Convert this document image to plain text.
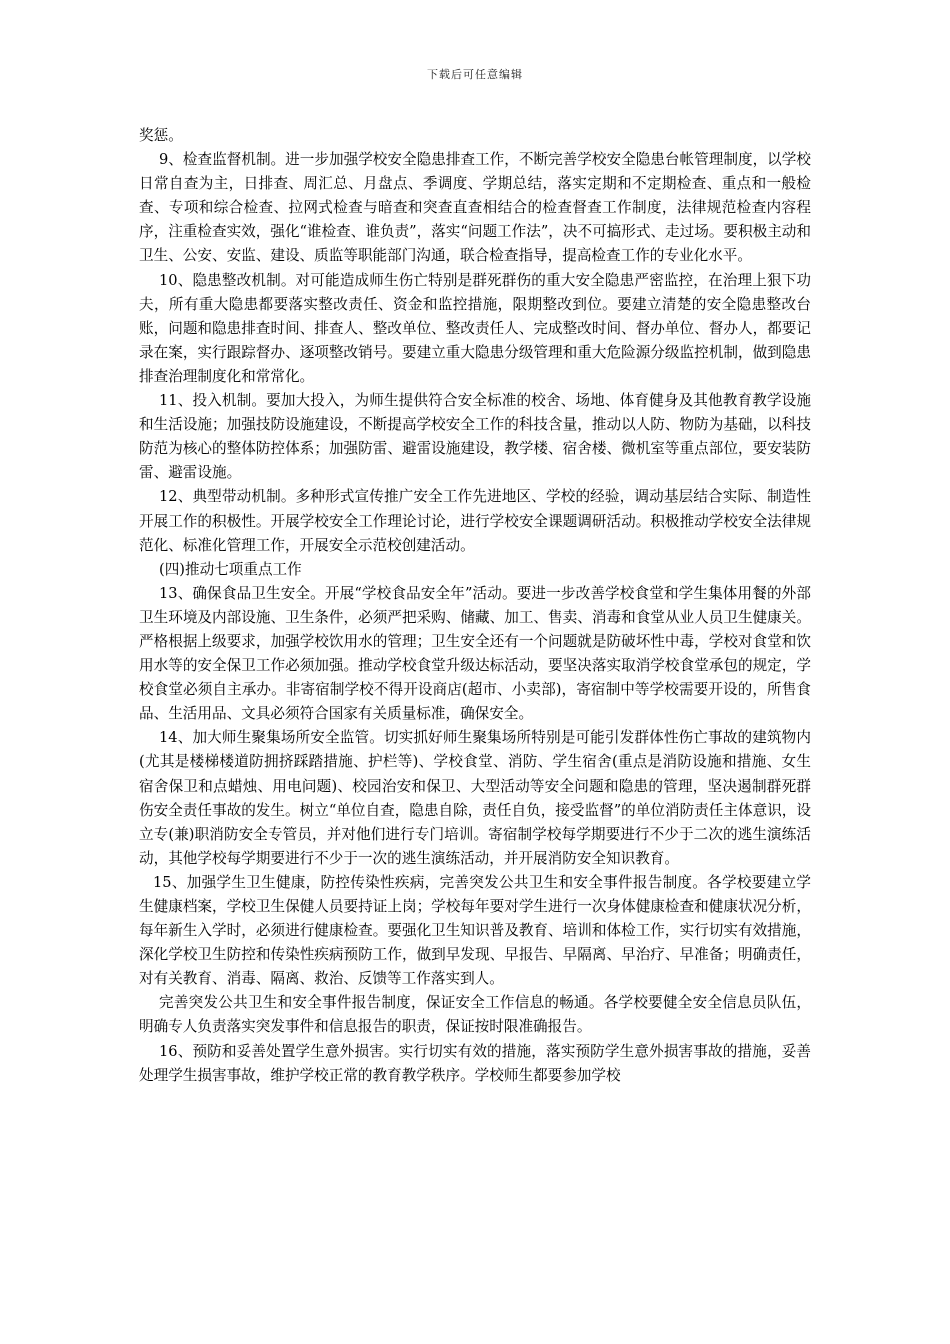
下载后可任意编辑

奖惩。

9、检查监督机制。进一步加强学校安全隐患排查工作，不断完善学校安全隐患台帐管理制度，以学校日常自查为主，日排查、周汇总、月盘点、季调度、学期总结，落实定期和不定期检查、重点和一般检查、专项和综合检查、拉网式检查与暗查和突查直查相结合的检查督查工作制度，法律规范检查内容程序，注重检查实效，强化“谁检查、谁负责”，落实“问题工作法”，决不可搞形式、走过场。要积极主动和卫生、公安、安监、建设、质监等职能部门沟通，联合检查指导，提高检查工作的专业化水平。

10、隐患整改机制。对可能造成师生伤亡特别是群死群伤的重大安全隐患严密监控，在治理上狠下功夫，所有重大隐患都要落实整改责任、资金和监控措施，限期整改到位。要建立清楚的安全隐患整改台账，问题和隐患排查时间、排查人、整改单位、整改责任人、完成整改时间、督办单位、督办人，都要记录在案，实行跟踪督办、逐项整改销号。要建立重大隐患分级管理和重大危险源分级监控机制，做到隐患排查治理制度化和常常化。

11、投入机制。要加大投入，为师生提供符合安全标准的校舍、场地、体育健身及其他教育教学设施和生活设施；加强技防设施建设，不断提高学校安全工作的科技含量，推动以人防、物防为基础，以科技防范为核心的整体防控体系；加强防雷、避雷设施建设，教学楼、宿舍楼、微机室等重点部位，要安装防雷、避雷设施。

12、典型带动机制。多种形式宣传推广安全工作先进地区、学校的经验，调动基层结合实际、制造性开展工作的积极性。开展学校安全工作理论讨论，进行学校安全课题调研活动。积极推动学校安全法律规范化、标准化管理工作，开展安全示范校创建活动。

(四)推动七项重点工作

13、确保食品卫生安全。开展“学校食品安全年”活动。要进一步改善学校食堂和学生集体用餐的外部卫生环境及内部设施、卫生条件，必须严把采购、储藏、加工、售卖、消毒和食堂从业人员卫生健康关。严格根据上级要求，加强学校饮用水的管理；卫生安全还有一个问题就是防破坏性中毒，学校对食堂和饮用水等的安全保卫工作必须加强。推动学校食堂升级达标活动，要坚决落实取消学校食堂承包的规定，学校食堂必须自主承办。非寄宿制学校不得开设商店(超市、小卖部)，寄宿制中等学校需要开设的，所售食品、生活用品、文具必须符合国家有关质量标准，确保安全。

14、加大师生聚集场所安全监管。切实抓好师生聚集场所特别是可能引发群体性伤亡事故的建筑物内(尤其是楼梯楼道防拥挤踩踏措施、护栏等)、学校食堂、消防、学生宿舍(重点是消防设施和措施、女生宿舍保卫和点蜡烛、用电问题)、校园治安和保卫、大型活动等安全问题和隐患的管理，坚决遏制群死群伤安全责任事故的发生。树立“单位自查，隐患自除，责任自负，接受监督”的单位消防责任主体意识，设立专(兼)职消防安全专管员，并对他们进行专门培训。寄宿制学校每学期要进行不少于二次的逃生演练活动，其他学校每学期要进行不少于一次的逃生演练活动，并开展消防安全知识教育。

15、加强学生卫生健康，防控传染性疾病，完善突发公共卫生和安全事件报告制度。各学校要建立学生健康档案，学校卫生保健人员要持证上岗；学校每年要对学生进行一次身体健康检查和健康状况分析，每年新生入学时，必须进行健康检查。要强化卫生知识普及教育、培训和体检工作，实行切实有效措施，深化学校卫生防控和传染性疾病预防工作，做到早发现、早报告、早隔离、早治疗、早准备；明确责任，对有关教育、消毒、隔离、救治、反馈等工作落实到人。

完善突发公共卫生和安全事件报告制度，保证安全工作信息的畅通。各学校要健全安全信息员队伍，明确专人负责落实突发事件和信息报告的职责，保证按时限准确报告。

16、预防和妥善处置学生意外损害。实行切实有效的措施，落实预防学生意外损害事故的措施，妥善处理学生损害事故，维护学校正常的教育教学秩序。学校师生都要参加学校
